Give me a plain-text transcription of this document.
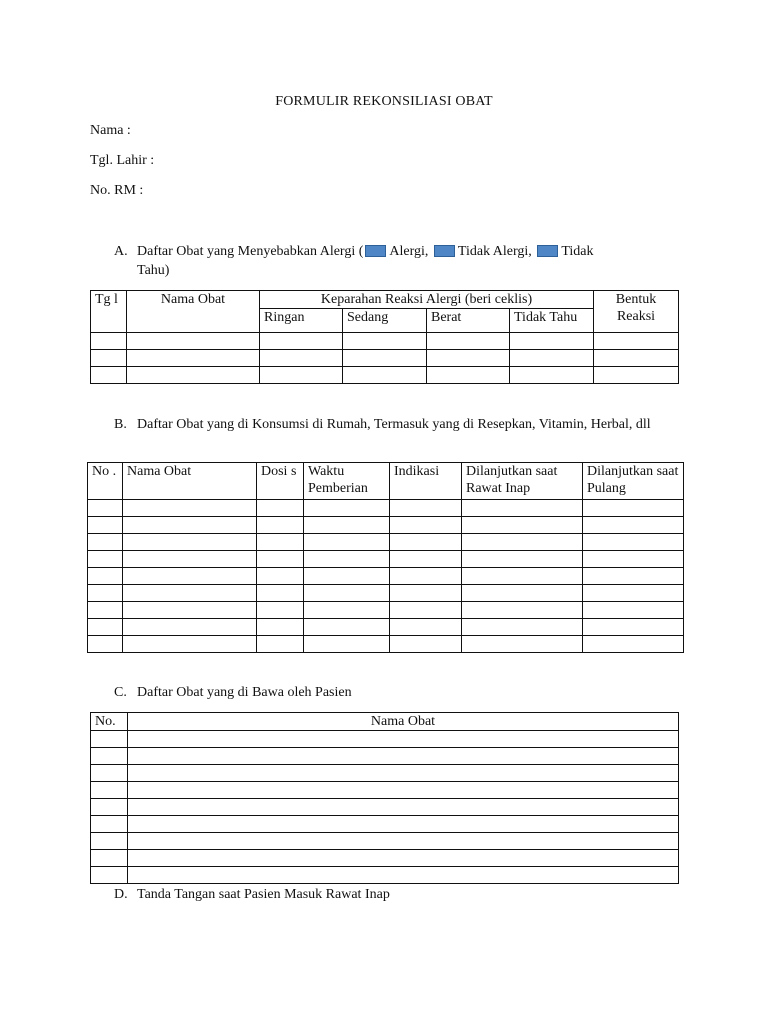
FORMULIR REKONSILIASI OBAT
Nama :
Tgl. Lahir :
No. RM :
A. Daftar Obat yang Menyebabkan Alergi ( Alergi, Tidak Alergi, Tidak
Tahu)
Tg l	Nama Obat	Keparahan Reaksi Alergi (beri ceklis)				Bentuk Reaksi
		Ringan	Sedang	Berat	Tidak Tahu	

B. Daftar Obat yang di Konsumsi di Rumah, Termasuk yang di Resepkan, Vitamin, Herbal, dll
No .	Nama Obat	Dosi s	Waktu Pemberian	Indikasi	Dilanjutkan saat Rawat Inap	Dilanjutkan saat Pulang

C. Daftar Obat yang di Bawa oleh Pasien
No.	Nama Obat

D. Tanda Tangan saat Pasien Masuk Rawat Inap
